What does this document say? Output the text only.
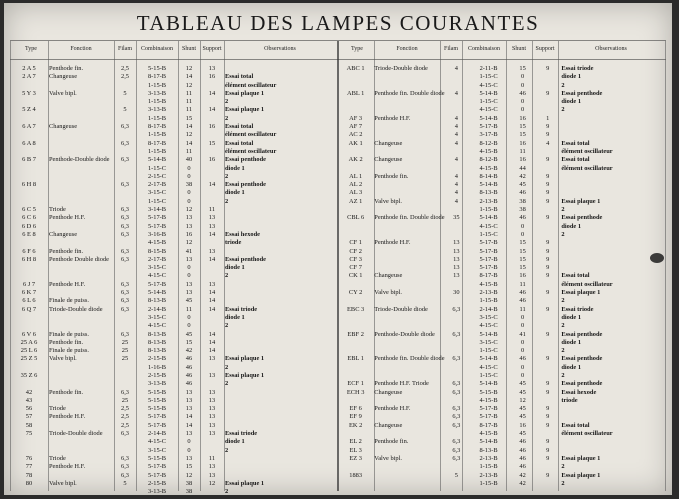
TABLEAU DES LAMPES COURANTES
Type	Fonction	Filam	Combinaison	Shunt	Support	Observations	Type	Fonction	Filam	Combinaison	Shunt	Support	Observations
2 A 5	Penthode fin.	2,5	5-15-B	12	13	
2 A 7	Changeuse	2,5	8-17-B	14	16	Essai total
			1-15-B	12		élément oscillateur
5 Y 3	Valve bipl.	5	3-13-B	11	14	Essai plaque 1
			1-15-B	11		2
5 Z 4		5	3-13-B	11	14	Essai plaque 1
			1-15-B	15		2
6 A 7	Changeuse	6,3	8-17-B	14	16	Essai total
			1-15-B	12		élément oscillateur
6 A 8		6,3	8-17-B	14	15	Essai total
			1-15-B	11		élément oscillateur
6 B 7	Penthode-Double diode	6,3	5-14-B	40	16	Essai penthode
			1-15-C	0		diode 1
			2-15-C	0		2
6 H 8		6,3	2-17-B	38	14	Essai penthode
			3-15-C	0		diode 1
			1-15-C	0		2
6 C 5	Triode	6,3	3-14-B	12	11	
6 C 6	Penthode H.F.	6,3	5-17-B	13	13	
6 D 6		6,3	5-17-B	13	13	
6 E 8	Changeuse	6,3	3-16-B	16	14	Essai hexode
			4-15-B	12		triode
6 F 6	Penthode fin.	6,3	8-15-B	41	13	
6 H 8	Penthode Double diode	6,3	2-17-B	13	14	Essai penthode
			3-15-C	0		diode 1
			4-15-C	0		2
6 J 7	Penthode H.F.	6,3	5-17-B	13	13	
6 K 7		6,3	5-14-B	13	14	
6 L 6	Finale de puiss.	6,3	8-13-B	45	14	
6 Q 7	Triode-Double diode	6,3	2-14-B	11	14	Essai triode
			3-15-C	0		diode 1
			4-15-C	0		2
6 V 6	Finale de puiss.	6,3	8-13-B	45	14	
25 A 6	Penthode fin.	25	8-13-B	15	14	
25 L 6	Finale de puiss.	25	8-13-B	42	14	
25 Z 5	Valve bipl.	25	2-15-B	46	13	Essai plaque 1
			1-16-B	46		2
35 Z 6			2-15-B	46	13	Essai plaque 1
			3-13-B	46		2
42	Penthode fin.	6,3	5-15-B	13	13	
43		25	5-15-B	13	13	
56	Triode	2,5	5-15-B	13	13	
57	Penthode H.F.	2,5	5-17-B	14	13	
58		2,5	5-17-B	14	13	
75	Triode-Double diode	6,3	2-14-B	13	13	Essai triode
			4-15-C	0		diode 1
			3-15-C	0		2
76	Triode	6,3	5-15-B	13	11	
77	Penthode H.F.	6,3	5-17-B	15	13	
78		6,3	5-17-B	12	13	
80	Valve bipl.	5	2-15-B	38	12	Essai plaque 1
			3-13-B	38		2
ABC 1	Triode-Double diode	4	2-11-B	15	9	Essai triode
			1-15-C	0		diode 1
			4-15-C	0		2
ABL 1	Penthode fin. Double diode	4	5-14-B	46	9	Essai penthode
			1-15-C	0		diode 1
			4-15-C	0		2
AF 3	Penthode H.F.	4	5-14-B	16	1	
AF 7		4	5-17-B	15	9	
AC 2		4	3-17-B	15	9	
AK 1	Changeuse	4	8-12-B	16	4	Essai total
			4-15-B	11		élément oscillateur
AK 2	Changeuse	4	8-12-B	16	9	Essai total
			4-15-B	44		élément oscillateur
AL 1	Penthode fin.	4	8-14-B	42	9	
AL 2		4	5-14-B	45	9	
AL 3		4	8-13-B	46	9	
AZ 1	Valve bipl.	4	2-13-B	38	9	Essai plaque 1
			1-15-B	38		2
CBL 6	Penthode fin. Double diode	35	5-14-B	46	9	Essai penthode
			4-15-C	0		diode 1
			1-15-C	0		2
CF 1	Penthode H.F.	13	5-17-B	15	9	
CF 2		13	5-17-B	15	9	
CF 3		13	5-17-B	15	9	
CF 7		13	5-17-B	15	9	
CK 1	Changeuse	13	8-17-B	16	9	Essai total
			4-15-B	11		élément oscillateur
CY 2	Valve bipl.	30	2-13-B	46	9	Essai plaque 1
			1-15-B	46		2
EBC 3	Triode-Double diode	6,3	2-14-B	11	9	Essai triode
			3-15-C	0		diode 1
			4-15-C	0		2
EBF 2	Penthode-Double diode	6,3	5-14-B	41	9	Essai penthode
			3-15-C	0		diode 1
			1-15-C	0		2
EBL 1	Penthode fin. Double diode	6,3	5-14-B	46	9	Essai penthode
			4-15-C	0		diode 1
			1-15-C	0		2
ECF 1	Penthode H.F. Triode	6,3	5-14-B	45	9	Essai penthode
ECH 3	Changeuse	6,3	5-15-B	45	9	Essai hexode
			4-15-B	12		triode
EF 6	Penthode H.F.	6,3	5-17-B	45	9	
EF 9		6,3	5-17-B	45	9	
EK 2	Changeuse	6,3	8-17-B	16	9	Essai total
			4-15-B	45		élément oscillateur
EL 2	Penthode fin.	6,3	5-14-B	46	9	
EL 3		6,3	8-13-B	46	9	
EZ 3	Valve bipl.	6,3	2-13-B	46	9	Essai plaque 1
			1-15-B	46		2
1883		5	2-13-B	42	9	Essai plaque 1
			1-15-B	42		2
